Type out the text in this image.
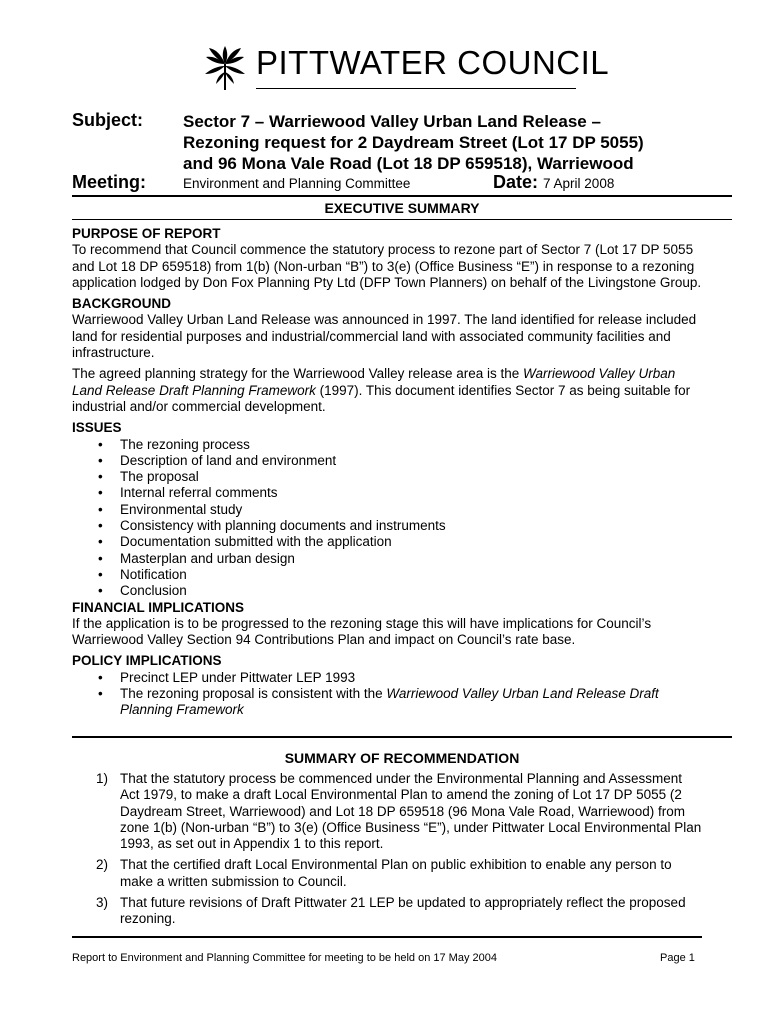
PITTWATER COUNCIL
Subject: Sector 7 – Warriewood Valley Urban Land Release –
Rezoning request for 2 Daydream Street (Lot 17 DP 5055)
and 96 Mona Vale Road (Lot 18 DP 659518), Warriewood
Meeting:	Environment and Planning Committee	Date: 7 April 2008
EXECUTIVE SUMMARY
PURPOSE OF REPORT

To recommend that Council commence the statutory process to rezone part of Sector 7 (Lot 17 DP 5055 and Lot 18 DP 659518) from 1(b) (Non-urban “B”) to 3(e) (Office Business “E”) in response to a rezoning application lodged by Don Fox Planning Pty Ltd (DFP Town Planners) on behalf of the Livingstone Group.

BACKGROUND

Warriewood Valley Urban Land Release was announced in 1997. The land identified for release included land for residential purposes and industrial/commercial land with associated community facilities and infrastructure.

The agreed planning strategy for the Warriewood Valley release area is the Warriewood Valley Urban Land Release Draft Planning Framework (1997). This document identifies Sector 7 as being suitable for industrial and/or commercial development.

ISSUES
• The rezoning process
• Description of land and environment
• The proposal
• Internal referral comments
• Environmental study
• Consistency with planning documents and instruments
• Documentation submitted with the application
• Masterplan and urban design
• Notification
• Conclusion
FINANCIAL IMPLICATIONS

If the application is to be progressed to the rezoning stage this will have implications for Council’s Warriewood Valley Section 94 Contributions Plan and impact on Council’s rate base.

POLICY IMPLICATIONS
• Precinct LEP under Pittwater LEP 1993
• The rezoning proposal is consistent with the Warriewood Valley Urban Land Release Draft Planning Framework
SUMMARY OF RECOMMENDATION
1) That the statutory process be commenced under the Environmental Planning and Assessment Act 1979, to make a draft Local Environmental Plan to amend the zoning of Lot 17 DP 5055 (2 Daydream Street, Warriewood) and Lot 18 DP 659518 (96 Mona Vale Road, Warriewood) from zone 1(b) (Non-urban “B”) to 3(e) (Office Business “E”), under Pittwater Local Environmental Plan 1993, as set out in Appendix 1 to this report.
2) That the certified draft Local Environmental Plan on public exhibition to enable any person to make a written submission to Council.
3) That future revisions of Draft Pittwater 21 LEP be updated to appropriately reflect the proposed rezoning.
Report to Environment and Planning Committee for meeting to be held on 17 May 2004	Page 1
